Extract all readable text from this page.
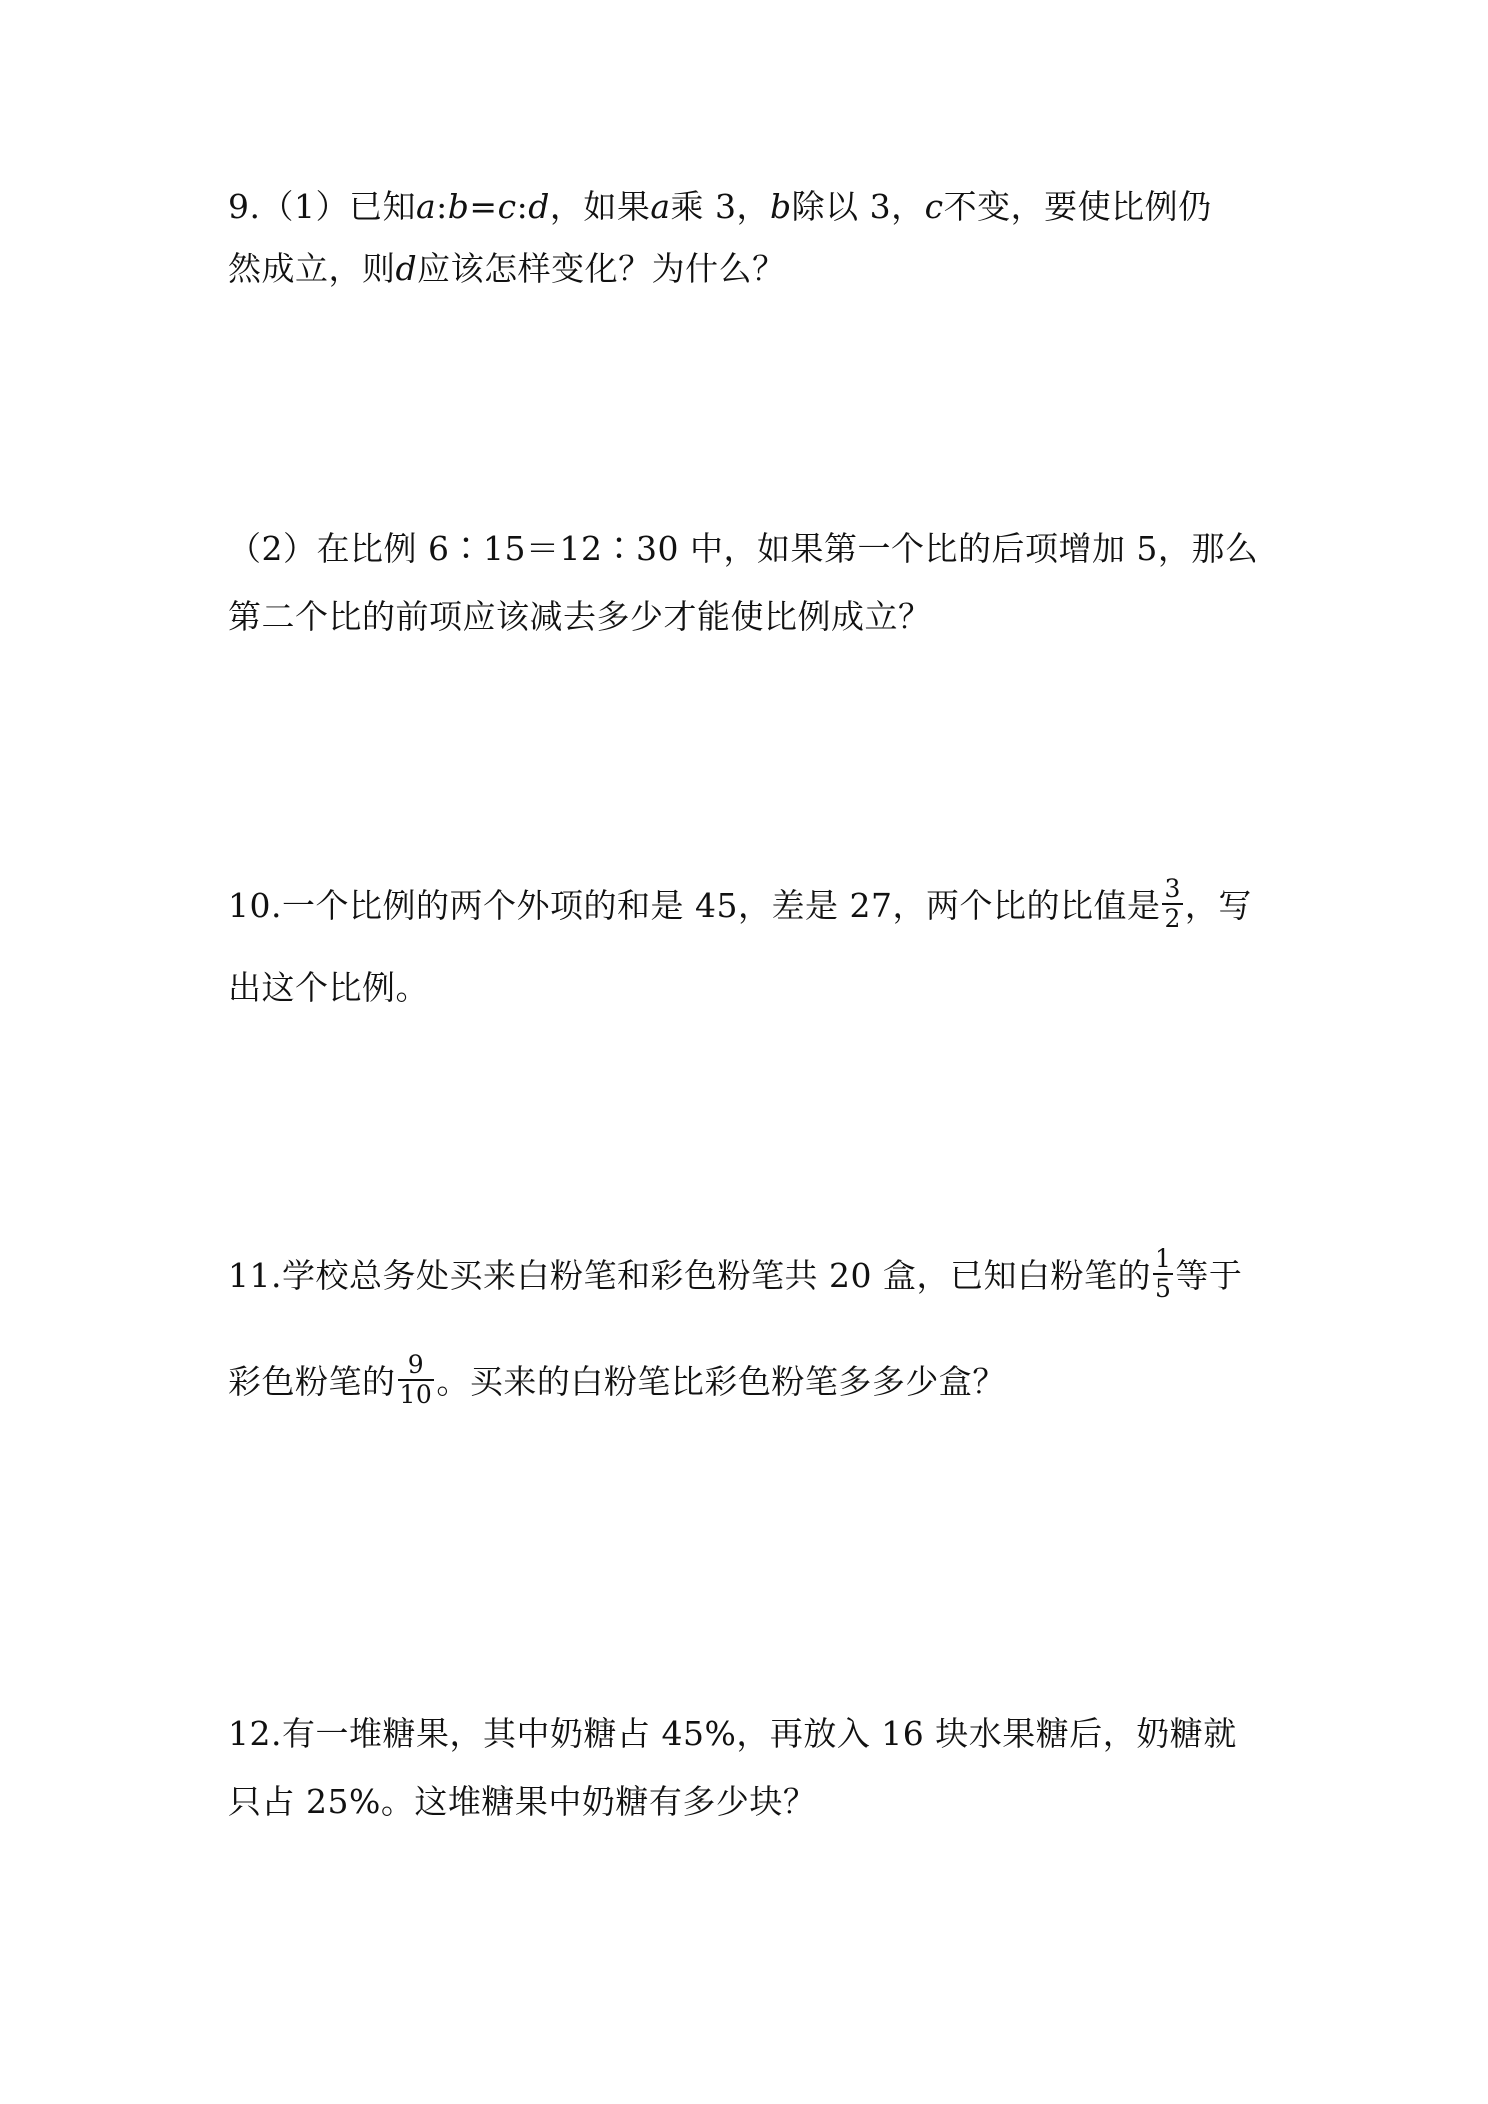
9.（1）已知a:b=c:d，如果a乘 3，b除以 3，c不变，要使比例仍
然成立，则d应该怎样变化？为什么？
（2）在比例 6∶15＝12∶30 中，如果第一个比的后项增加 5，那么
第二个比的前项应该减去多少才能使比例成立？
10.一个比例的两个外项的和是 45，差是 27，两个比的比值是 $\frac{3}{2}$ ，写
出这个比例。
11.学校总务处买来白粉笔和彩色粉笔共 20 盒，已知白粉笔的 $\frac{1}{5}$ 等于
彩色粉笔的 $\frac{9}{10}$ 。买来的白粉笔比彩色粉笔多多少盒？
12.有一堆糖果，其中奶糖占 45%，再放入 16 块水果糖后，奶糖就
只占 25%。这堆糖果中奶糖有多少块？
